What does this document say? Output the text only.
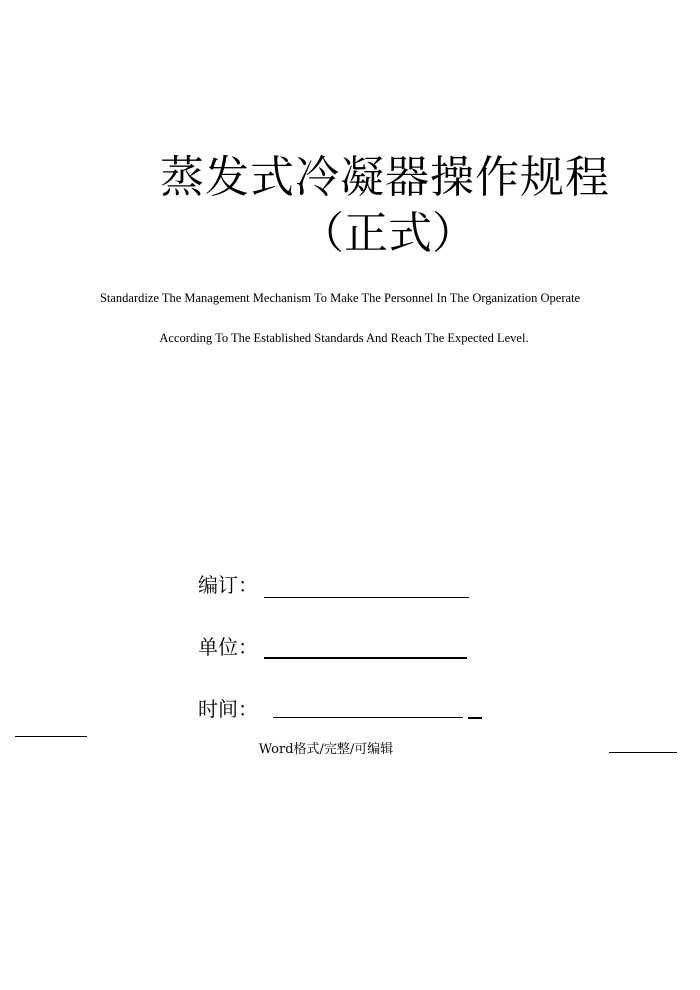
蒸发式冷凝器操作规程
（正式）
Standardize The Management Mechanism To Make The Personnel In The Organization Operate
According To The Established Standards And Reach The Expected Level.
编订：
单位：
时间：
Word格式/完整/可编辑
